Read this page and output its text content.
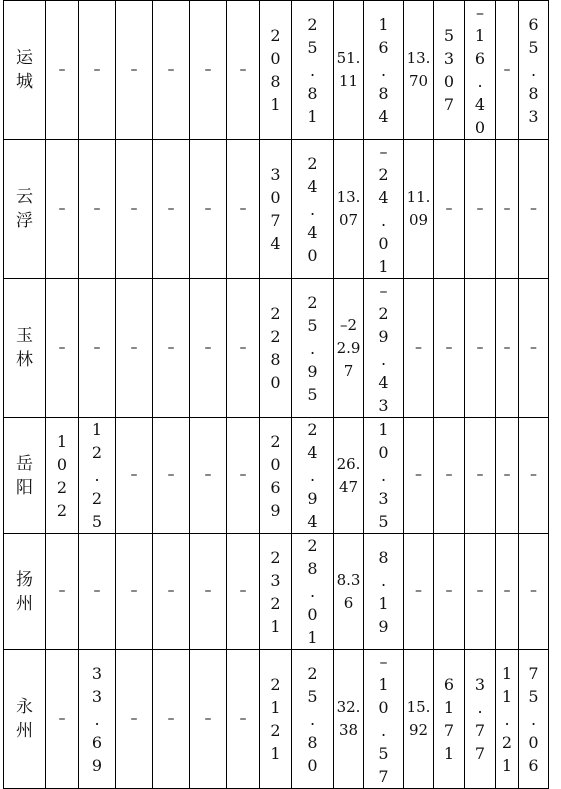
运城	–	–	–	–	–	–	2081	25.81	51.11	16.84	13.70	5307	–16.40	–	65.83

云浮	–	–	–	–	–	–	3074	24.40	13.07	–24.01	11.09	–	–	–	–

玉林	–	–	–	–	–	–	2280	25.95	–22.97	–29.43	–	–	–	–	–

岳阳	1022	12.25	–	–	–	–	2069	24.94	26.47	10.35	–	–	–	–	–

扬州	–	–	–	–	–	–	2321	28.01	8.36	8.19	–	–	–	–	–

永州	–	33.69	–	–	–	–	2121	25.80	32.38	–10.57	15.92	6171	3.77	11.21	75.06
